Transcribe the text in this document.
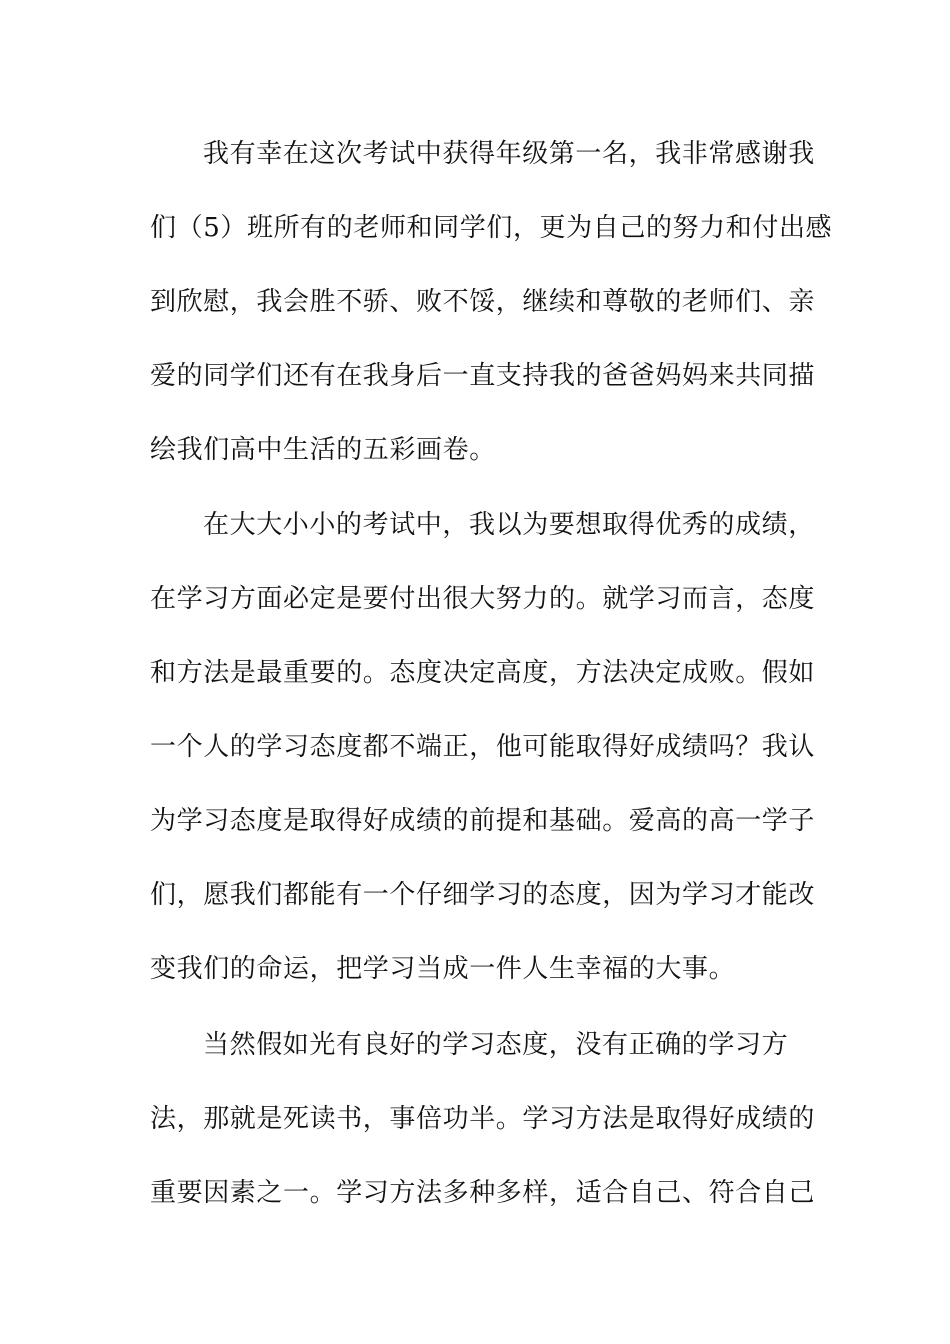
我有幸在这次考试中获得年级第一名，我非常感谢我
们（5）班所有的老师和同学们，更为自己的努力和付出感
到欣慰，我会胜不骄、败不馁，继续和尊敬的老师们、亲
爱的同学们还有在我身后一直支持我的爸爸妈妈来共同描
绘我们高中生活的五彩画卷。
在大大小小的考试中，我以为要想取得优秀的成绩，
在学习方面必定是要付出很大努力的。就学习而言，态度
和方法是最重要的。态度决定高度，方法决定成败。假如
一个人的学习态度都不端正，他可能取得好成绩吗？我认
为学习态度是取得好成绩的前提和基础。爱高的高一学子
们，愿我们都能有一个仔细学习的态度，因为学习才能改
变我们的命运，把学习当成一件人生幸福的大事。
当然假如光有良好的学习态度，没有正确的学习方
法，那就是死读书，事倍功半。学习方法是取得好成绩的
重要因素之一。学习方法多种多样，适合自己、符合自己
